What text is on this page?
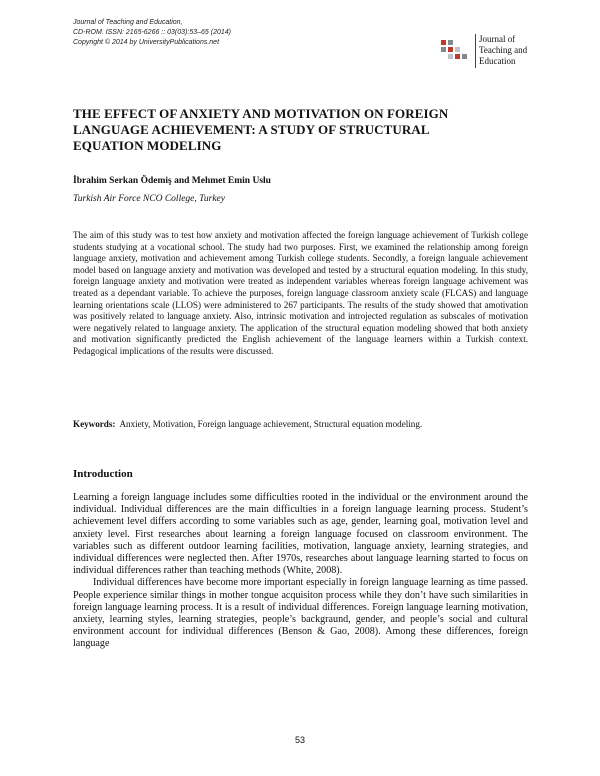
Journal of Teaching and Education,
CD-ROM. ISSN: 2165-6266 :: 03(03):53–65 (2014)
Copyright © 2014 by UniversityPublications.net	Journal of
Teaching and
Education
THE EFFECT OF ANXIETY AND MOTIVATION ON FOREIGN
LANGUAGE ACHIEVEMENT: A STUDY OF STRUCTURAL
EQUATION MODELING
İbrahim Serkan Ödemiş and Mehmet Emin Uslu
Turkish Air Force NCO College, Turkey
The aim of this study was to test how anxiety and motivation affected the foreign language achievement of Turkish college students studying at a vocational school. The study had two purposes. First, we examined the relationship among foreign language anxiety, motivation and achievement among Turkish college students. Secondly, a foreign languale achievement model based on language anxiety and motivation was developed and tested by a structural equation modeling. In this study, foreign language anxiety and motivation were treated as independent variables whereas foreign language achivement was treated as a dependant variable. To achieve the purposes, foreign language classroom anxiety scale (FLCAS) and language learning orientations scale (LLOS) were administered to 267 participants. The results of the study showed that amotivation was positively related to language anxiety. Also, intrinsic motivation and introjected regulation as subscales of motivation were negatively related to language anxiety. The application of the structural equation modeling showed that both anxiety and motivation significantly predicted the English achievement of the language learners within a Turkish context. Pedagogical implications of the results were discussed.
Keywords: Anxiety, Motivation, Foreign language achievement, Structural equation modeling.
Introduction

Learning a foreign language includes some difficulties rooted in the individual or the environment around the individual. Individual differences are the main difficulties in a foreign language learning process. Student’s achievement level differs according to some variables such as age, gender, learning goal, motivation level and anxiety level. First researches about learning a foreign language focused on classroom environment. The variables such as different outdoor learning facilities, motivation, language anxiety, learning strategies, and individual differences were neglected then. After 1970s, researches about language learning started to focus on individual differences rather than teaching methods (White, 2008).

Individual differences have become more important especially in foreign language learning as time passed. People experience similar things in mother tongue acquisiton process while they don’t have such similarities in foreign language learning process. It is a result of individual differences. Foreign language learning motivation, anxiety, learning styles, learning strategies, people’s backgraund, gender, and people’s social and cultural environment account for individual differences (Benson & Gao, 2008). Among these differences, foreign language

53
